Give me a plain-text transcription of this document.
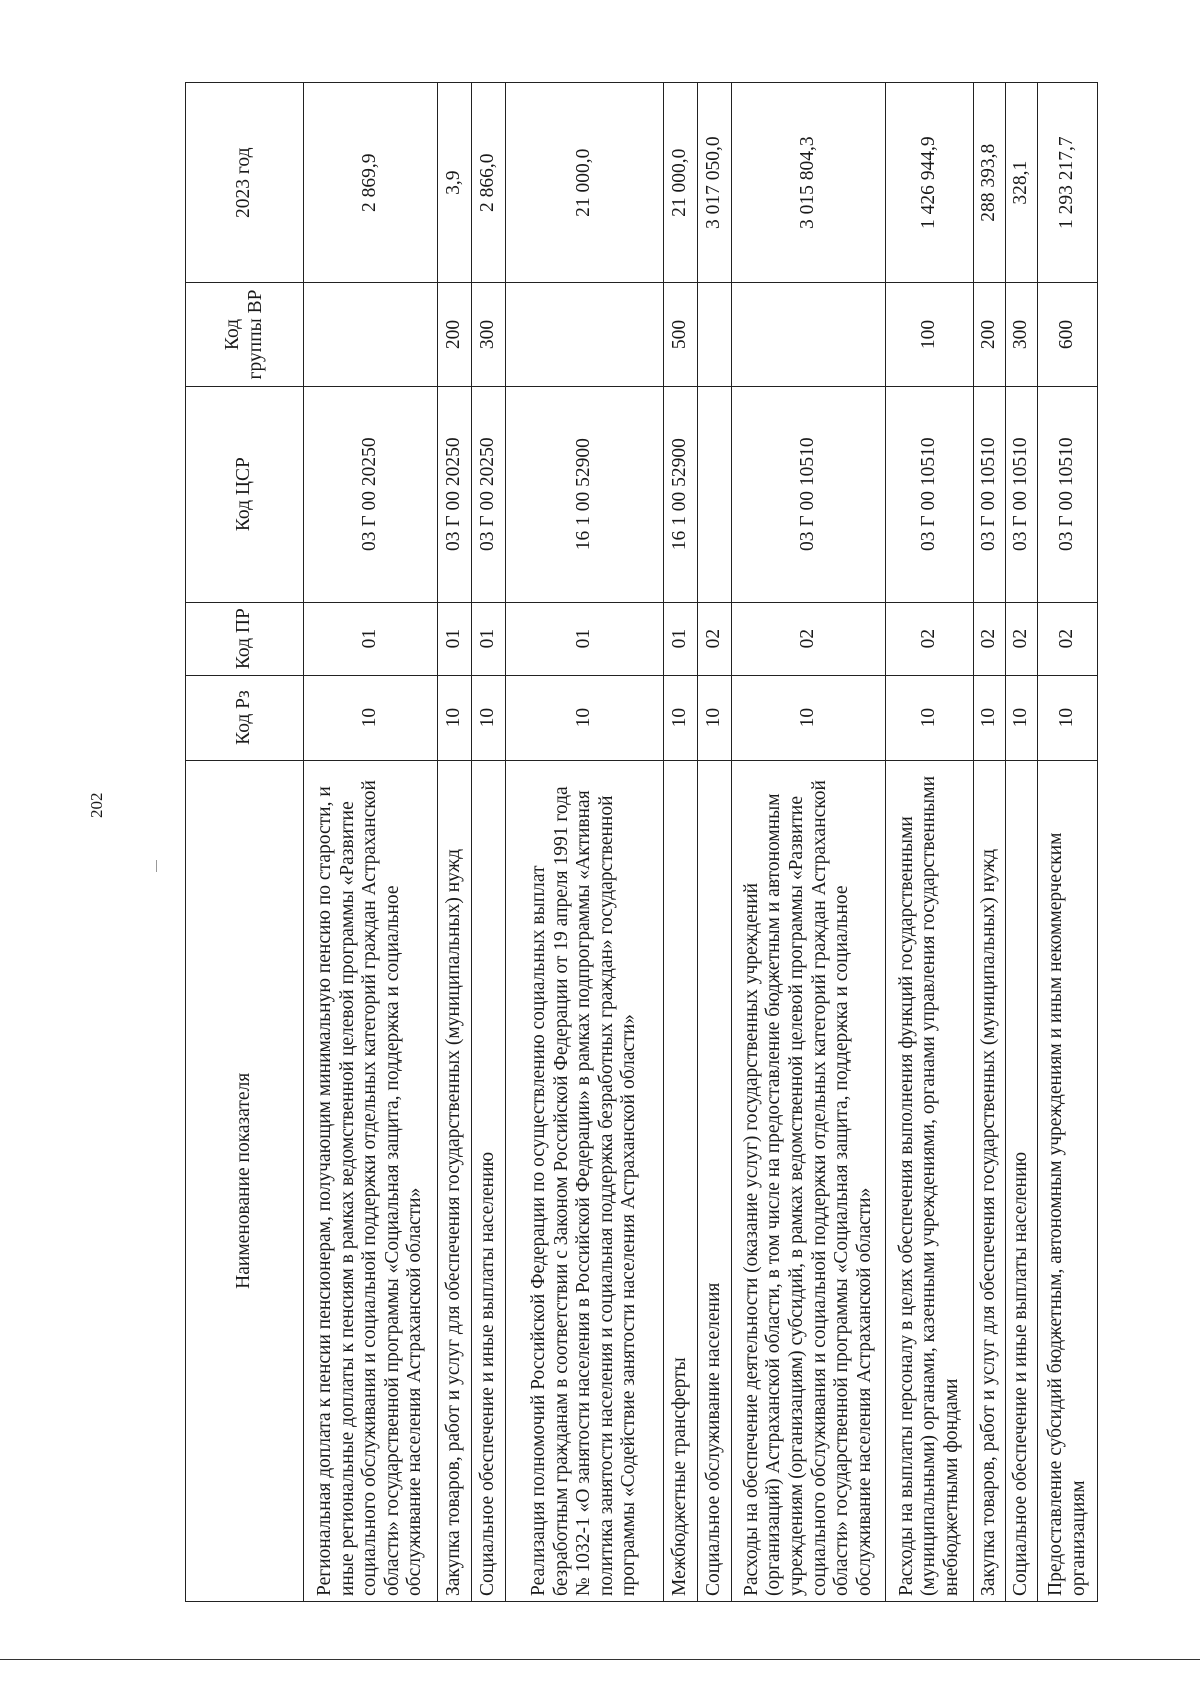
202
Наименование показателя	Код Рз	Код ПР	Код ЦСР	Код группы ВР	2023 год
Региональная доплата к пенсии пенсионерам, получающим минимальную пенсию по старости, и иные региональные доплаты к пенсиям в рамках ведомственной целевой программы «Развитие социального обслуживания и социальной поддержки отдельных категорий граждан Астраханской области» государственной программы «Социальная защита, поддержка и социальное обслуживание населения Астраханской области»	10	01	03 Г 00 20250		2 869,9
Закупка товаров, работ и услуг для обеспечения государственных (муниципальных) нужд	10	01	03 Г 00 20250	200	3,9
Социальное обеспечение и иные выплаты населению	10	01	03 Г 00 20250	300	2 866,0
Реализация полномочий Российской Федерации по осуществлению социальных выплат безработным гражданам в соответствии с Законом Российской Федерации от 19 апреля 1991 года № 1032-1 «О занятости населения в Российской Федерации» в рамках подпрограммы «Активная политика занятости населения и социальная поддержка безработных граждан» государственной программы «Содействие занятости населения Астраханской области»	10	01	16 1 00 52900		21 000,0
Межбюджетные трансферты	10	01	16 1 00 52900	500	21 000,0
Социальное обслуживание населения	10	02			3 017 050,0
Расходы на обеспечение деятельности (оказание услуг) государственных учреждений (организаций) Астраханской области, в том числе на предоставление бюджетным и автономным учреждениям (организациям) субсидий, в рамках ведомственной целевой программы «Развитие социального обслуживания и социальной поддержки отдельных категорий граждан Астраханской области» государственной программы «Социальная защита, поддержка и социальное обслуживание населения Астраханской области»	10	02	03 Г 00 10510		3 015 804,3
Расходы на выплаты персоналу в целях обеспечения выполнения функций государственными (муниципальными) органами, казенными учреждениями, органами управления государственными внебюджетными фондами	10	02	03 Г 00 10510	100	1 426 944,9
Закупка товаров, работ и услуг для обеспечения государственных (муниципальных) нужд	10	02	03 Г 00 10510	200	288 393,8
Социальное обеспечение и иные выплаты населению	10	02	03 Г 00 10510	300	328,1
Предоставление субсидий бюджетным, автономным учреждениям и иным некоммерческим организациям	10	02	03 Г 00 10510	600	1 293 217,7
